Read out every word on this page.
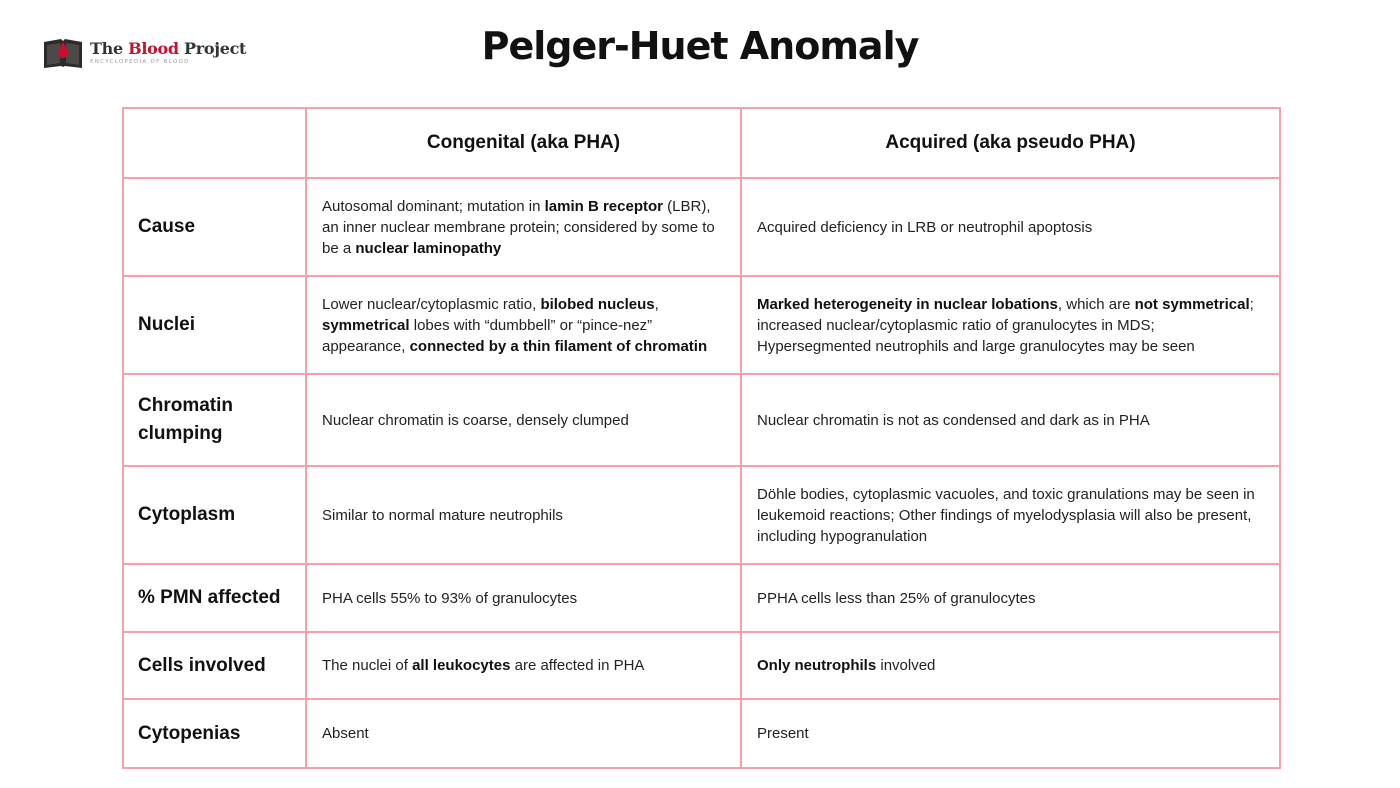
The Blood Project
ENCYCLOPEDIA OF BLOOD	Pelger-Huet Anomaly
	Congenital (aka PHA)	Acquired (aka pseudo PHA)
Cause	Autosomal dominant; mutation in lamin B receptor (LBR), an inner nuclear membrane protein; considered by some to be a nuclear laminopathy	Acquired deficiency in LRB or neutrophil apoptosis
Nuclei	Lower nuclear/cytoplasmic ratio, bilobed nucleus, symmetrical lobes with “dumbbell” or “pince-nez” appearance, connected by a thin filament of chromatin	Marked heterogeneity in nuclear lobations, which are not symmetrical; increased nuclear/cytoplasmic ratio of granulocytes in MDS; Hypersegmented neutrophils and large granulocytes may be seen
Chromatin clumping	Nuclear chromatin is coarse, densely clumped	Nuclear chromatin is not as condensed and dark as in PHA
Cytoplasm	Similar to normal mature neutrophils	Döhle bodies, cytoplasmic vacuoles, and toxic granulations may be seen in leukemoid reactions; Other findings of myelodysplasia will also be present, including hypogranulation
% PMN affected	PHA cells 55% to 93% of granulocytes	PPHA cells less than 25% of granulocytes
Cells involved	The nuclei of all leukocytes are affected in PHA	Only neutrophils involved
Cytopenias	Absent	Present
